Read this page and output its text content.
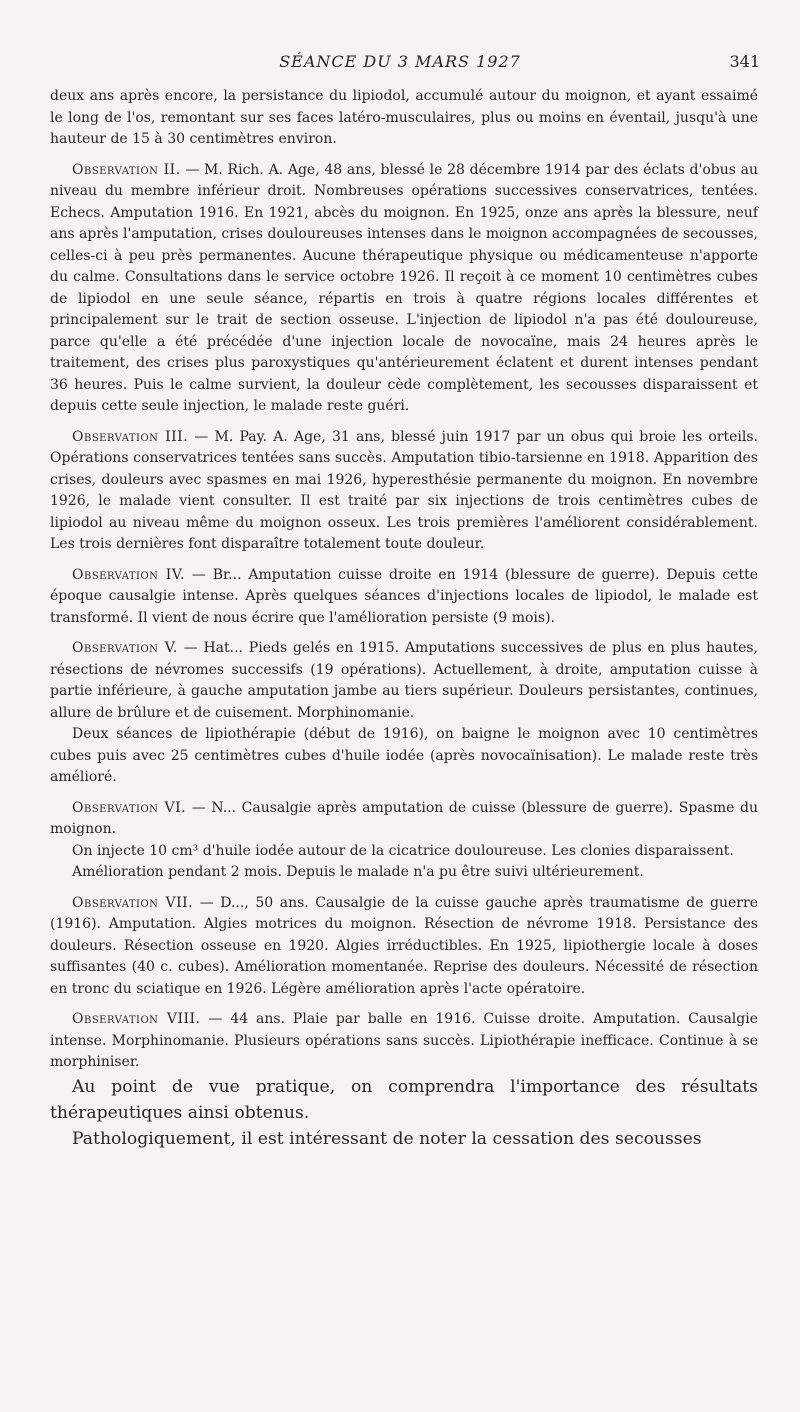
SÉANCE DU 3 MARS 1927	341

deux ans après encore, la persistance du lipiodol, accumulé autour du moignon, et ayant essaimé le long de l'os, remontant sur ses faces latéro-musculaires, plus ou moins en éventail, jusqu'à une hauteur de 15 à 30 centimètres environ.

Observation II. — M. Rich. A. Age, 48 ans, blessé le 28 décembre 1914 par des éclats d'obus au niveau du membre inférieur droit. Nombreuses opérations successives conservatrices, tentées. Echecs. Amputation 1916. En 1921, abcès du moignon. En 1925, onze ans après la blessure, neuf ans après l'amputation, crises douloureuses intenses dans le moignon accompagnées de secousses, celles-ci à peu près permanentes. Aucune thérapeutique physique ou médicamenteuse n'apporte du calme. Consultations dans le service octobre 1926. Il reçoit à ce moment 10 centimètres cubes de lipiodol en une seule séance, répartis en trois à quatre régions locales différentes et principalement sur le trait de section osseuse. L'injection de lipiodol n'a pas été douloureuse, parce qu'elle a été précédée d'une injection locale de novocaïne, mais 24 heures après le traitement, des crises plus paroxystiques qu'antérieurement éclatent et durent intenses pendant 36 heures. Puis le calme survient, la douleur cède complètement, les secousses disparaissent et depuis cette seule injection, le malade reste guéri.

Observation III. — M. Pay. A. Age, 31 ans, blessé juin 1917 par un obus qui broie les orteils. Opérations conservatrices tentées sans succès. Amputation tibio-tarsienne en 1918. Apparition des crises, douleurs avec spasmes en mai 1926, hyperesthésie permanente du moignon. En novembre 1926, le malade vient consulter. Il est traité par six injections de trois centimètres cubes de lipiodol au niveau même du moignon osseux. Les trois premières l'améliorent considérablement. Les trois dernières font disparaître totalement toute douleur.

Observation IV. — Br... Amputation cuisse droite en 1914 (blessure de guerre). Depuis cette époque causalgie intense. Après quelques séances d'injections locales de lipiodol, le malade est transformé. Il vient de nous écrire que l'amélioration persiste (9 mois).

Observation V. — Hat... Pieds gelés en 1915. Amputations successives de plus en plus hautes, résections de névromes successifs (19 opérations). Actuellement, à droite, amputation cuisse à partie inférieure, à gauche amputation jambe au tiers supérieur. Douleurs persistantes, continues, allure de brûlure et de cuisement. Morphinomanie.

Deux séances de lipiothérapie (début de 1916), on baigne le moignon avec 10 centimètres cubes puis avec 25 centimètres cubes d'huile iodée (après novocaïnisation). Le malade reste très amélioré.

Observation VI. — N... Causalgie après amputation de cuisse (blessure de guerre). Spasme du moignon.

On injecte 10 cm³ d'huile iodée autour de la cicatrice douloureuse. Les clonies disparaissent.

Amélioration pendant 2 mois. Depuis le malade n'a pu être suivi ultérieurement.

Observation VII. — D..., 50 ans. Causalgie de la cuisse gauche après traumatisme de guerre (1916). Amputation. Algies motrices du moignon. Résection de névrome 1918. Persistance des douleurs. Résection osseuse en 1920. Algies irréductibles. En 1925, lipiothergie locale à doses suffisantes (40 c. cubes). Amélioration momentanée. Reprise des douleurs. Nécessité de résection en tronc du sciatique en 1926. Légère amélioration après l'acte opératoire.

Observation VIII. — 44 ans. Plaie par balle en 1916. Cuisse droite. Amputation. Causalgie intense. Morphinomanie. Plusieurs opérations sans succès. Lipiothérapie inefficace. Continue à se morphiniser.

Au point de vue pratique, on comprendra l'importance des résultats thérapeutiques ainsi obtenus.

Pathologiquement, il est intéressant de noter la cessation des secousses
